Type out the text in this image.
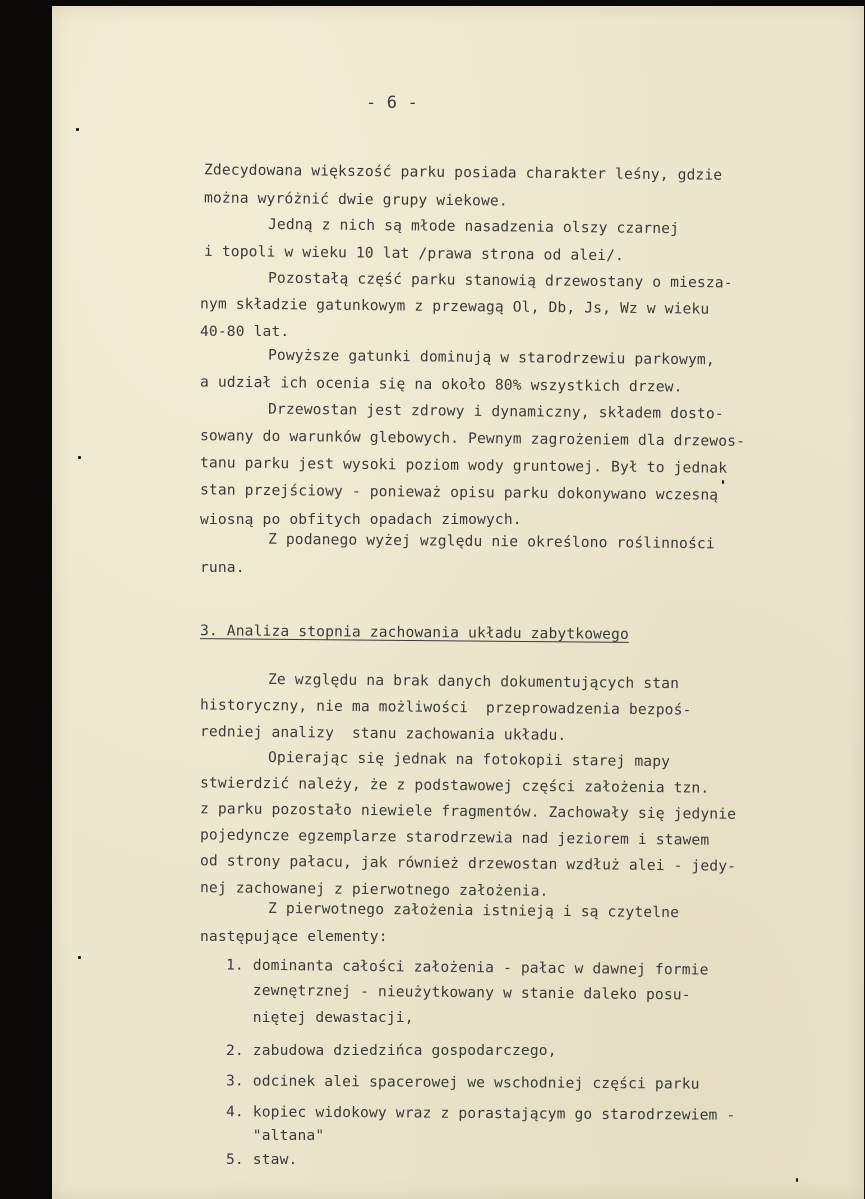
- 6 -
Zdecydowana większość parku posiada charakter leśny, gdzie
można wyróżnić dwie grupy wiekowe.
Jedną z nich są młode nasadzenia olszy czarnej
i topoli w wieku 10 lat /prawa strona od alei/.
Pozostałą część parku stanowią drzewostany o miesza-
nym składzie gatunkowym z przewagą Ol, Db, Js, Wz w wieku
40-80 lat.
Powyższe gatunki dominują w starodrzewiu parkowym,
a udział ich ocenia się na około 80% wszystkich drzew.
Drzewostan jest zdrowy i dynamiczny, składem dosto-
sowany do warunków glebowych. Pewnym zagrożeniem dla drzewos-
tanu parku jest wysoki poziom wody gruntowej. Był to jednak
stan przejściowy - ponieważ opisu parku dokonywano wczesną
wiosną po obfitych opadach zimowych.
Z podanego wyżej względu nie określono roślinności
runa.
3. Analiza stopnia zachowania układu zabytkowego
Ze względu na brak danych dokumentujących stan
historyczny, nie ma możliwości  przeprowadzenia bezpoś-
redniej analizy  stanu zachowania układu.
Opierając się jednak na fotokopii starej mapy
stwierdzić należy, że z podstawowej części założenia tzn.
z parku pozostało niewiele fragmentów. Zachowały się jedynie
pojedyncze egzemplarze starodrzewia nad jeziorem i stawem
od strony pałacu, jak również drzewostan wzdłuż alei - jedy-
nej zachowanej z pierwotnego założenia.
Z pierwotnego założenia istnieją i są czytelne
następujące elementy:
1. dominanta całości założenia - pałac w dawnej formie
zewnętrznej - nieużytkowany w stanie daleko posu-
niętej dewastacji,
2. zabudowa dziedzińca gospodarczego,
3. odcinek alei spacerowej we wschodniej części parku
4. kopiec widokowy wraz z porastającym go starodrzewiem -
"altana"
5. staw.
